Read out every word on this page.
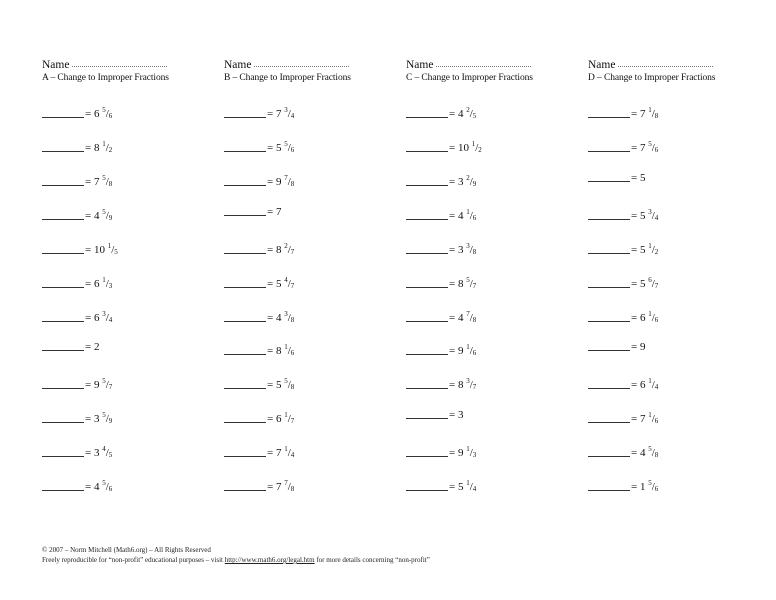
Name
A – Change to Improper Fractions
= 6 $^5$/6
= 8 $^1$/2
= 7 $^5$/8
= 4 $^5$/9
= 10 $^1$/5
= 6 $^1$/3
= 6 $^3$/4
= 2
= 9 $^5$/7
= 3 $^5$/9
= 3 $^4$/5
= 4 $^5$/6
Name
B – Change to Improper Fractions
= 7 $^3$/4
= 5 $^5$/6
= 9 $^7$/8
= 7
= 8 $^2$/7
= 5 $^4$/7
= 4 $^3$/8
= 8 $^1$/6
= 5 $^5$/8
= 6 $^1$/7
= 7 $^1$/4
= 7 $^7$/8
Name
C – Change to Improper Fractions
= 4 $^2$/5
= 10 $^1$/2
= 3 $^2$/9
= 4 $^1$/6
= 3 $^3$/8
= 8 $^5$/7
= 4 $^7$/8
= 9 $^1$/6
= 8 $^3$/7
= 3
= 9 $^1$/3
= 5 $^1$/4
Name
D – Change to Improper Fractions
= 7 $^1$/8
= 7 $^5$/6
= 5
= 5 $^3$/4
= 5 $^1$/2
= 5 $^6$/7
= 6 $^1$/6
= 9
= 6 $^1$/4
= 7 $^1$/6
= 4 $^5$/8
= 1 $^5$/6
© 2007 – Norm Mitchell (Math6.org) – All Rights Reserved
Freely reproducible for “non-profit” educational purposes – visit http://www.math6.org/legal.htm for more details concerning “non-profit”
